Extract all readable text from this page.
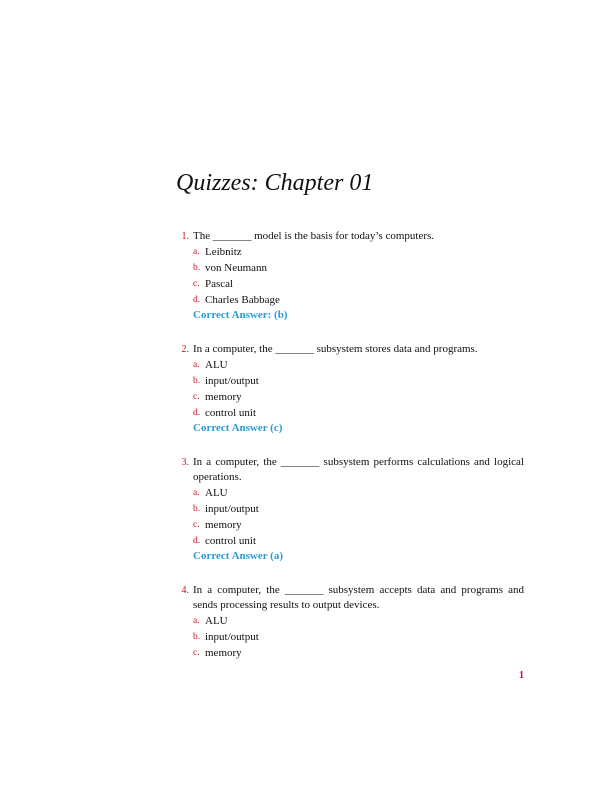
Quizzes: Chapter 01
1. The _______ model is the basis for today’s computers.
a. Leibnitz
b. von Neumann
c. Pascal
d. Charles Babbage
Correct Answer: (b)
2. In a computer, the _______ subsystem stores data and programs.
a. ALU
b. input/output
c. memory
d. control unit
Correct Answer (c)
3. In a computer, the _______ subsystem performs calculations and logical operations.
a. ALU
b. input/output
c. memory
d. control unit
Correct Answer (a)
4. In a computer, the _______ subsystem accepts data and programs and sends processing results to output devices.
a. ALU
b. input/output
c. memory
1
